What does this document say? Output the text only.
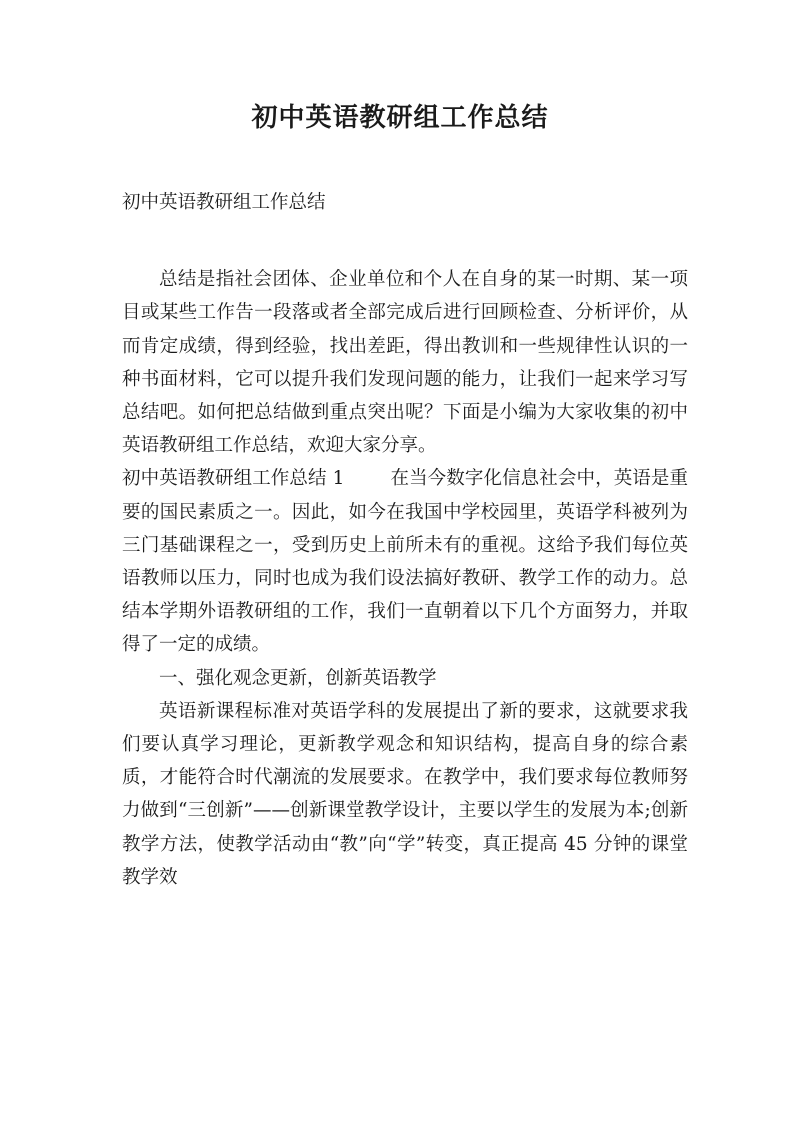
初中英语教研组工作总结

初中英语教研组工作总结

总结是指社会团体、企业单位和个人在自身的某一时期、某一项目或某些工作告一段落或者全部完成后进行回顾检查、分析评价，从而肯定成绩，得到经验，找出差距，得出教训和一些规律性认识的一种书面材料，它可以提升我们发现问题的能力，让我们一起来学习写总结吧。如何把总结做到重点突出呢？下面是小编为大家收集的初中英语教研组工作总结，欢迎大家分享。

初中英语教研组工作总结 1 在当今数字化信息社会中，英语是重要的国民素质之一。因此，如今在我国中学校园里，英语学科被列为三门基础课程之一，受到历史上前所未有的重视。这给予我们每位英语教师以压力，同时也成为我们设法搞好教研、教学工作的动力。总结本学期外语教研组的工作，我们一直朝着以下几个方面努力，并取得了一定的成绩。

一、强化观念更新，创新英语教学

英语新课程标准对英语学科的发展提出了新的要求，这就要求我们要认真学习理论，更新教学观念和知识结构，提高自身的综合素质，才能符合时代潮流的发展要求。在教学中，我们要求每位教师努力做到“三创新”——创新课堂教学设计，主要以学生的发展为本;创新教学方法，使教学活动由“教”向“学”转变，真正提高 45 分钟的课堂教学效
